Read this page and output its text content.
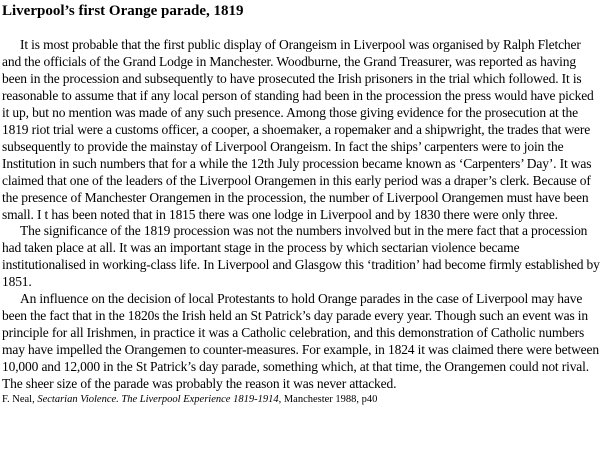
Liverpool’s first Orange parade, 1819

It is most probable that the first public display of Orangeism in Liverpool was organised by Ralph Fletcher and the officials of the Grand Lodge in Manchester. Woodburne, the Grand Treasurer, was reported as having been in the procession and subsequently to have prosecuted the Irish prisoners in the trial which followed. It is reasonable to assume that if any local person of standing had been in the procession the press would have picked it up, but no mention was made of any such presence. Among those giving evidence for the prosecution at the 1819 riot trial were a customs officer, a cooper, a shoemaker, a ropemaker and a shipwright, the trades that were subsequently to provide the mainstay of Liverpool Orangeism. In fact the ships’ carpenters were to join the Institution in such numbers that for a while the 12th July procession became known as ‘Carpenters’ Day’. It was claimed that one of the leaders of the Liverpool Orangemen in this early period was a draper’s clerk. Because of the presence of Manchester Orangemen in the procession, the number of Liverpool Orangemen must have been small. I t has been noted that in 1815 there was one lodge in Liverpool and by 1830 there were only three.

The significance of the 1819 procession was not the numbers involved but in the mere fact that a procession had taken place at all. It was an important stage in the process by which sectarian violence became institutionalised in working-class life. In Liverpool and Glasgow this ‘tradition’ had become firmly established by 1851.

An influence on the decision of local Protestants to hold Orange parades in the case of Liverpool may have been the fact that in the 1820s the Irish held an St Patrick’s day parade every year. Though such an event was in principle for all Irishmen, in practice it was a Catholic celebration, and this demonstration of Catholic numbers may have impelled the Orangemen to counter-measures. For example, in 1824 it was claimed there were between 10,000 and 12,000 in the St Patrick’s day parade, something which, at that time, the Orangemen could not rival. The sheer size of the parade was probably the reason it was never attacked.

F. Neal, Sectarian Violence. The Liverpool Experience 1819-1914, Manchester 1988, p40
